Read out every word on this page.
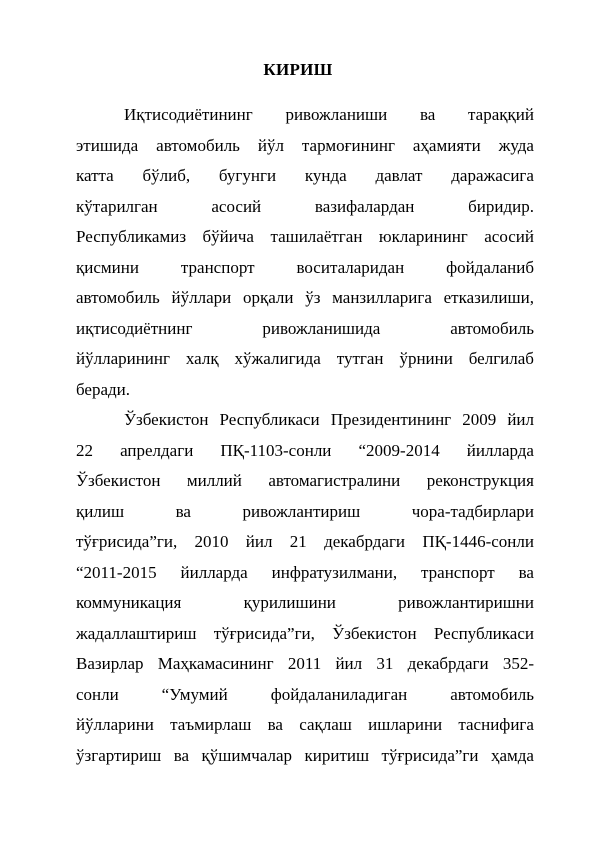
КИРИШ
Иқтисодиётининг ривожланиши ва тараққий
этишида автомобиль йўл тармоғининг аҳамияти жуда
катта бўлиб, бугунги кунда давлат даражасига
кўтарилган	асосий	вазифалардан	биридир.
Республикамиз бўйича ташилаётган юкларининг асосий
қисмини транспорт воситаларидан фойдаланиб
автомобиль йўллари орқали ўз манзилларига етказилиши,
иқтисодиётнинг	ривожланишида	автомобиль
йўлларининг халқ хўжалигида тутган ўрнини белгилаб
беради.
Ўзбекистон Республикаси Президентининг 2009 йил
22 апрелдаги ПҚ-1103-сонли “2009-2014 йилларда
Ўзбекистон миллий автомагистралини реконструкция
қилиш	ва	ривожлантириш	чора-тадбирлари
тўғрисида”ги, 2010 йил 21 декабрдаги ПҚ-1446-сонли
“2011-2015 йилларда инфратузилмани, транспорт ва
коммуникация	қурилишини	ривожлантиришни
жадаллаштириш тўғрисида”ги, Ўзбекистон Республикаси
Вазирлар Маҳкамасининг 2011 йил 31 декабрдаги 352-
сонли	“Умумий	фойдаланиладиган	автомобиль
йўлларини таъмирлаш ва сақлаш ишларини таснифига
ўзгартириш ва қўшимчалар киритиш тўғрисида”ги ҳамда
